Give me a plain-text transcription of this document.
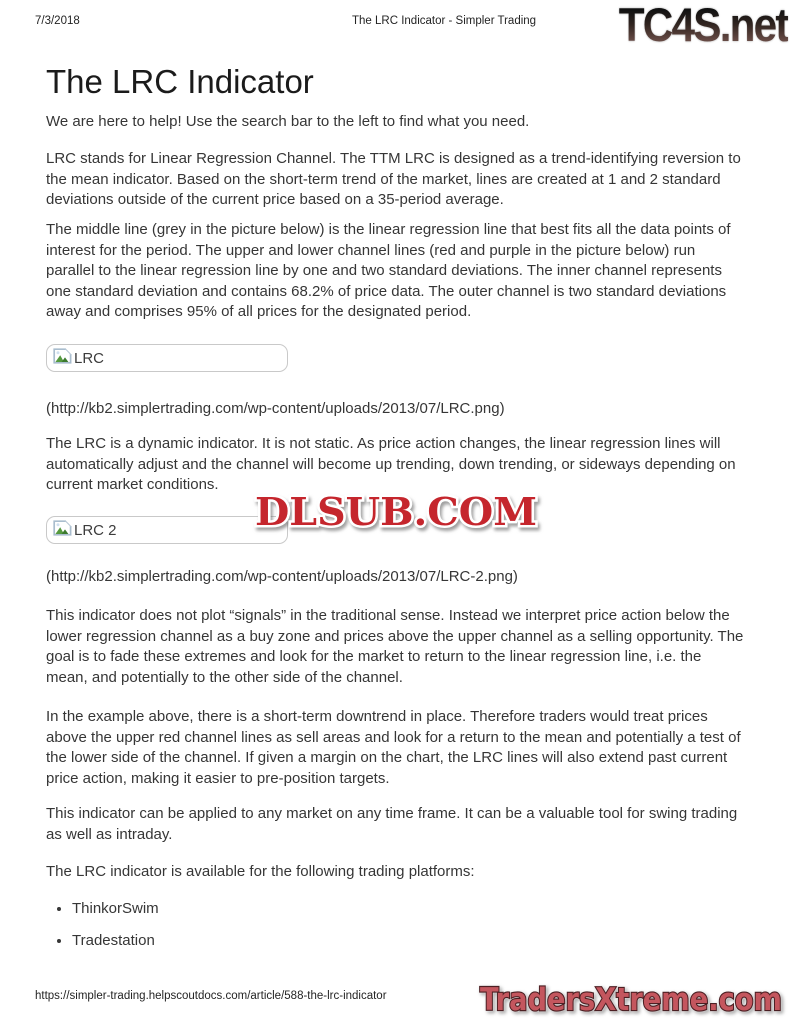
7/3/2018	The LRC Indicator - Simpler Trading TC4S.net
The LRC Indicator

We are here to help! Use the search bar to the left to find what you need.

LRC stands for Linear Regression Channel. The TTM LRC is designed as a trend-identifying reversion to the mean indicator. Based on the short-term trend of the market, lines are created at 1 and 2 standard deviations outside of the current price based on a 35-period average.

The middle line (grey in the picture below) is the linear regression line that best fits all the data points of interest for the period. The upper and lower channel lines (red and purple in the picture below) run parallel to the linear regression line by one and two standard deviations. The inner channel represents one standard deviation and contains 68.2% of price data. The outer channel is two standard deviations away and comprises 95% of all prices for the designated period.

LRC

(http://kb2.simplertrading.com/wp-content/uploads/2013/07/LRC.png)

The LRC is a dynamic indicator. It is not static. As price action changes, the linear regression lines will automatically adjust and the channel will become up trending, down trending, or sideways depending on current market conditions.

LRC 2

(http://kb2.simplertrading.com/wp-content/uploads/2013/07/LRC-2.png)

This indicator does not plot “signals” in the traditional sense. Instead we interpret price action below the lower regression channel as a buy zone and prices above the upper channel as a selling opportunity. The goal is to fade these extremes and look for the market to return to the linear regression line, i.e. the mean, and potentially to the other side of the channel.

In the example above, there is a short-term downtrend in place. Therefore traders would treat prices above the upper red channel lines as sell areas and look for a return to the mean and potentially a test of the lower side of the channel. If given a margin on the chart, the LRC lines will also extend past current price action, making it easier to pre-position targets.

This indicator can be applied to any market on any time frame. It can be a valuable tool for swing trading as well as intraday.

The LRC indicator is available for the following trading platforms:

• ThinkorSwim
• Tradestation
DLSUB.COM
TradersXtreme.com
https://simpler-trading.helpscoutdocs.com/article/588-the-lrc-indicator
